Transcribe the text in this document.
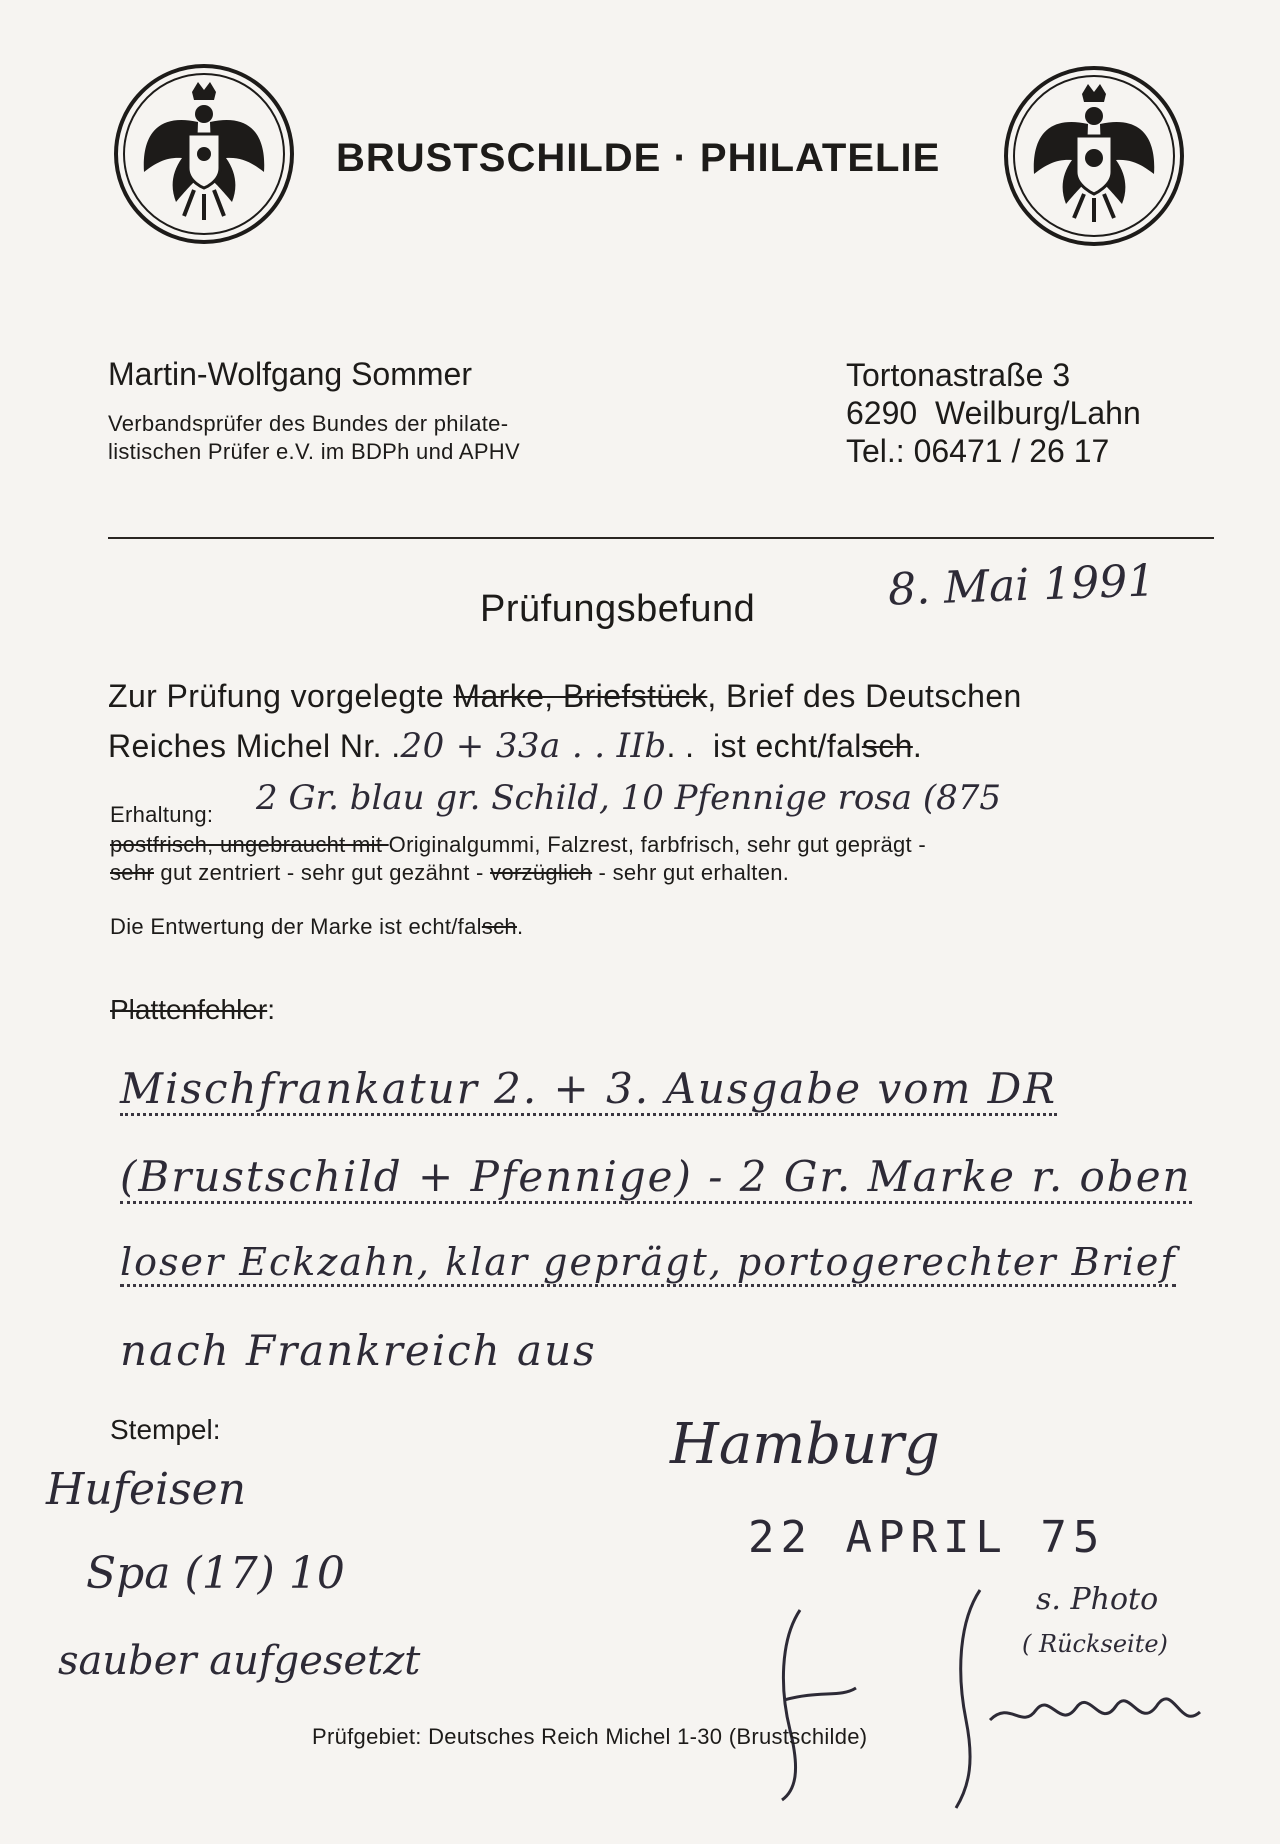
BRUSTSCHILDE · PHILATELIE
Martin-Wolfgang Sommer
Verbandsprüfer des Bundes der philate-
listischen Prüfer e.V. im BDPh und APHV
Tortonastraße 3
6290  Weilburg/Lahn
Tel.: 06471 / 26 17
Prüfungsbefund	8. Mai 1991
Zur Prüfung vorgelegte Marke, Briefstück, Brief des Deutschen
Reiches Michel Nr. .20 + 33a . . IIb. .  ist echt/falsch.
Erhaltung: 2 Gr. blau gr. Schild, 10 Pfennige rosa (875
postfrisch, ungebraucht mit Originalgummi, Falzrest, farbfrisch, sehr gut geprägt -
sehr gut zentriert - sehr gut gezähnt - vorzüglich - sehr gut erhalten.
Die Entwertung der Marke ist echt/falsch.
Plattenfehler:
Mischfrankatur 2. + 3. Ausgabe vom DR
(Brustschild + Pfennige) - 2 Gr. Marke r. oben
loser Eckzahn, klar geprägt, portogerechter Brief
nach Frankreich aus
Stempel:
Hufeisen
Spa (17) 10
sauber aufgesetzt
Hamburg
22 APRIL 75
s. Photo
( Rückseite)
Prüfgebiet: Deutsches Reich Michel 1-30 (Brustschilde)
